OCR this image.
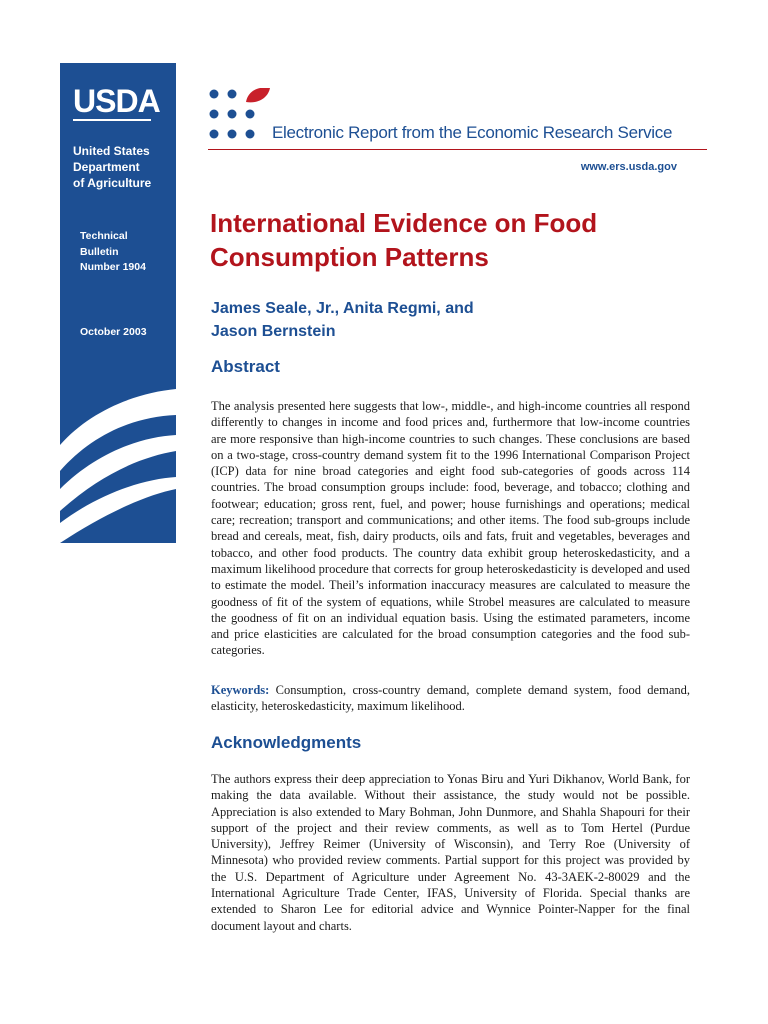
USDA
United States
Department
of Agriculture
Technical
Bulletin
Number 1904
October 2003
Electronic Report from the Economic Research Service
www.ers.usda.gov
International Evidence on Food Consumption Patterns
James Seale, Jr., Anita Regmi, and
Jason Bernstein
Abstract

The analysis presented here suggests that low-, middle-, and high-income countries all respond differently to changes in income and food prices and, furthermore that low-income countries are more responsive than high-income countries to such changes. These conclusions are based on a two-stage, cross-country demand system fit to the 1996 International Comparison Project (ICP) data for nine broad categories and eight food sub-categories of goods across 114 countries. The broad consumption groups include: food, beverage, and tobacco; clothing and footwear; education; gross rent, fuel, and power; house furnishings and operations; medical care; recreation; transport and communications; and other items. The food sub-groups include bread and cereals, meat, fish, dairy products, oils and fats, fruit and vegetables, beverages and tobacco, and other food products. The country data exhibit group heteroskedasticity, and a maximum likelihood procedure that corrects for group heteroskedasticity is developed and used to estimate the model. Theil’s information inaccuracy measures are calculated to measure the goodness of fit of the system of equations, while Strobel measures are calculated to measure the goodness of fit on an individual equation basis. Using the estimated parameters, income and price elasticities are calculated for the broad consumption categories and the food sub-categories.

Keywords: Consumption, cross-country demand, complete demand system, food demand, elasticity, heteroskedasticity, maximum likelihood.

Acknowledgments

The authors express their deep appreciation to Yonas Biru and Yuri Dikhanov, World Bank, for making the data available. Without their assistance, the study would not be possible. Appreciation is also extended to Mary Bohman, John Dunmore, and Shahla Shapouri for their support of the project and their review comments, as well as to Tom Hertel (Purdue University), Jeffrey Reimer (University of Wisconsin), and Terry Roe (University of Minnesota) who provided review comments. Partial support for this project was provided by the U.S. Department of Agriculture under Agreement No. 43-3AEK-2-80029 and the International Agriculture Trade Center, IFAS, University of Florida. Special thanks are extended to Sharon Lee for editorial advice and Wynnice Pointer-Napper for the final document layout and charts.
